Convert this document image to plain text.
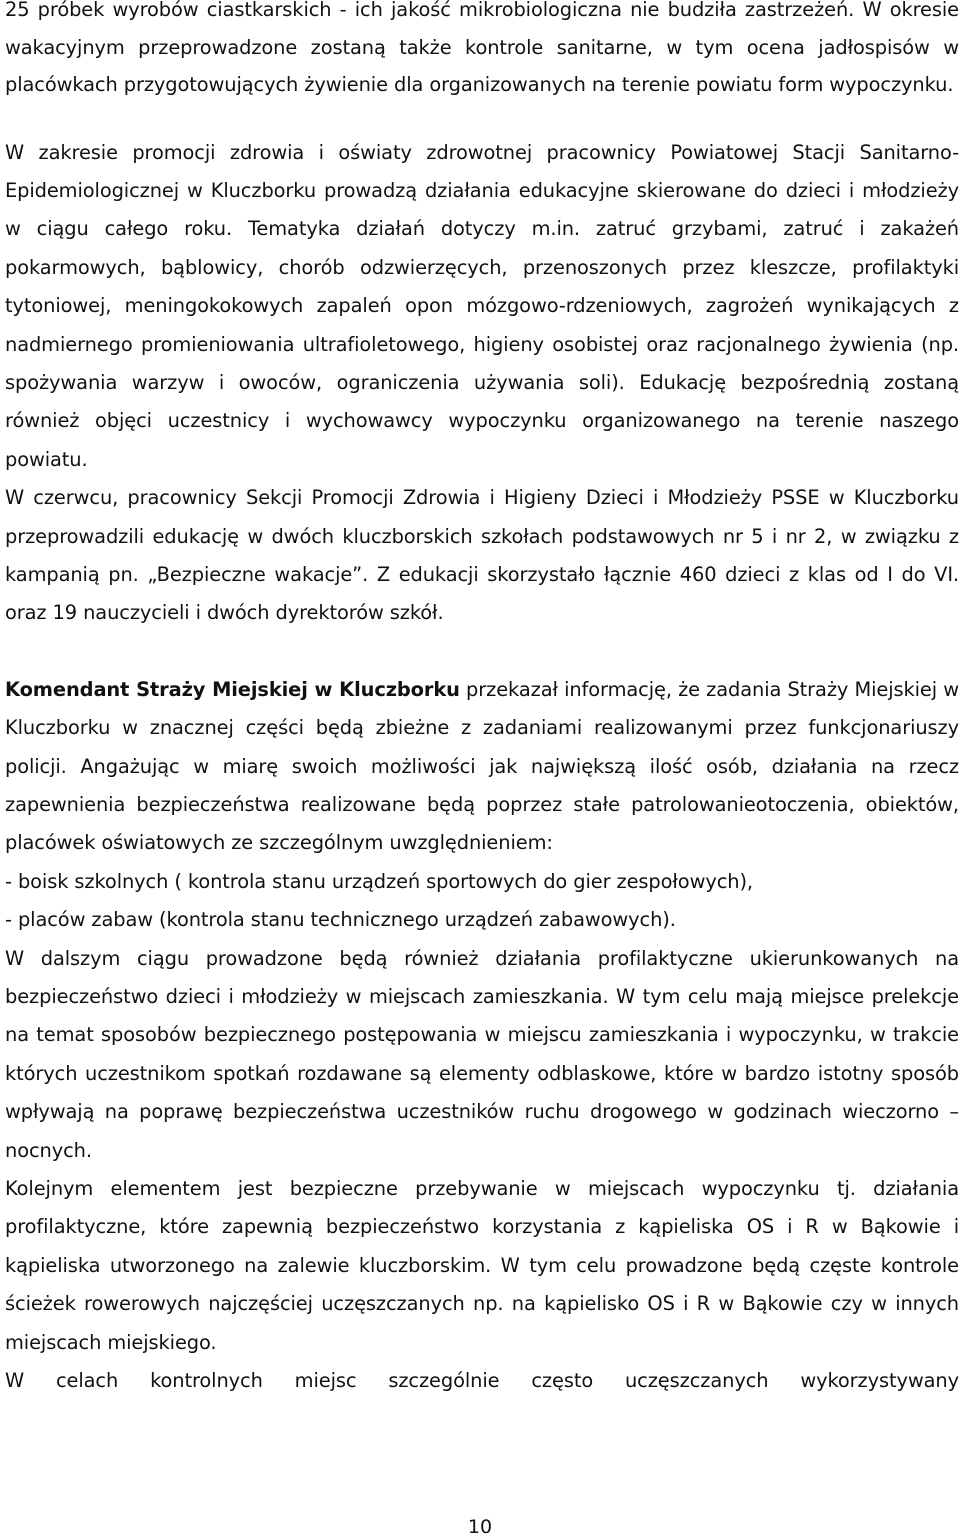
25 próbek wyrobów ciastkarskich - ich jakość mikrobiologiczna nie budziła zastrzeżeń. W okresie wakacyjnym przeprowadzone zostaną także kontrole sanitarne, w tym ocena jadłospisów w placówkach przygotowujących żywienie dla organizowanych na terenie powiatu form wypoczynku.

W zakresie promocji zdrowia i oświaty zdrowotnej pracownicy Powiatowej Stacji Sanitarno-Epidemiologicznej w Kluczborku prowadzą działania edukacyjne skierowane do dzieci i młodzieży w ciągu całego roku. Tematyka działań dotyczy m.in. zatruć grzybami, zatruć i zakażeń pokarmowych, bąblowicy, chorób odzwierzęcych, przenoszonych przez kleszcze, profilaktyki tytoniowej, meningokokowych zapaleń opon mózgowo-rdzeniowych, zagrożeń wynikających z nadmiernego promieniowania ultrafioletowego, higieny osobistej oraz racjonalnego żywienia (np. spożywania warzyw i owoców, ograniczenia używania soli). Edukację bezpośrednią zostaną również objęci uczestnicy i wychowawcy wypoczynku organizowanego na terenie naszego powiatu.

W czerwcu, pracownicy Sekcji Promocji Zdrowia i Higieny Dzieci i Młodzieży PSSE w Kluczborku przeprowadzili edukację w dwóch kluczborskich szkołach podstawowych nr 5 i nr 2, w związku z kampanią pn. „Bezpieczne wakacje”. Z edukacji skorzystało łącznie 460 dzieci z klas od I do VI. oraz 19 nauczycieli i dwóch dyrektorów szkół.

Komendant Straży Miejskiej w Kluczborku przekazał informację, że zadania Straży Miejskiej w Kluczborku w znacznej części będą zbieżne z zadaniami realizowanymi przez funkcjonariuszy policji. Angażując w miarę swoich możliwości jak największą ilość osób, działania na rzecz zapewnienia bezpieczeństwa realizowane będą poprzez stałe patrolowanieotoczenia, obiektów, placówek oświatowych ze szczególnym uwzględnieniem:

- boisk szkolnych ( kontrola stanu urządzeń sportowych do gier zespołowych),

- placów zabaw (kontrola stanu technicznego urządzeń zabawowych).

W dalszym ciągu prowadzone będą również działania profilaktyczne ukierunkowanych na bezpieczeństwo dzieci i młodzieży w miejscach zamieszkania. W tym celu mają miejsce prelekcje na temat sposobów bezpiecznego postępowania w miejscu zamieszkania i wypoczynku, w trakcie których uczestnikom spotkań rozdawane są elementy odblaskowe, które w bardzo istotny sposób wpływają na poprawę bezpieczeństwa uczestników ruchu drogowego w godzinach wieczorno – nocnych.

Kolejnym elementem jest bezpieczne przebywanie w miejscach wypoczynku tj. działania profilaktyczne, które zapewnią bezpieczeństwo korzystania z kąpieliska OS i R w Bąkowie i kąpieliska utworzonego na zalewie kluczborskim. W tym celu prowadzone będą częste kontrole ścieżek rowerowych najczęściej uczęszczanych np. na kąpielisko OS i R w Bąkowie czy w innych miejscach miejskiego.

W celach kontrolnych miejsc szczególnie często uczęszczanych wykorzystywany

10
